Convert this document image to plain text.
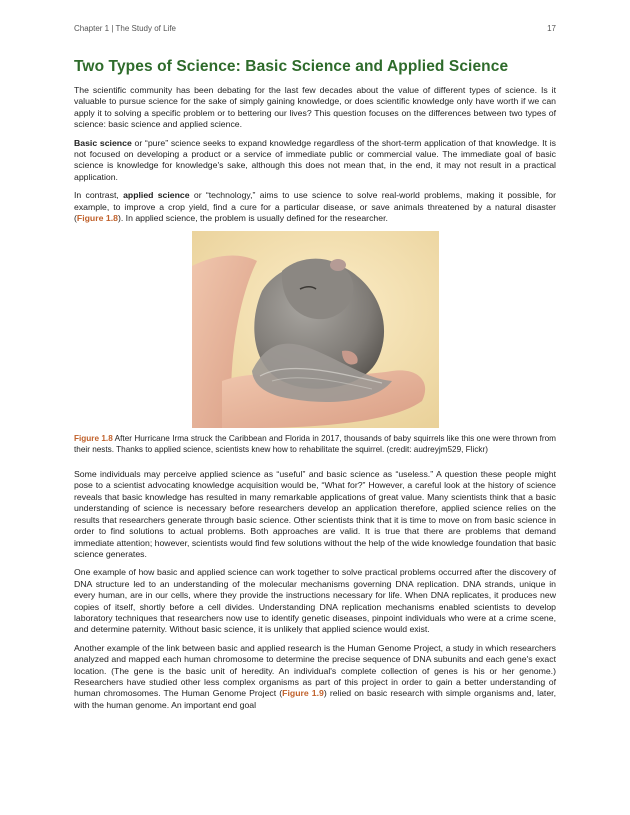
Chapter 1 | The Study of Life	17
Two Types of Science: Basic Science and Applied Science

The scientific community has been debating for the last few decades about the value of different types of science. Is it valuable to pursue science for the sake of simply gaining knowledge, or does scientific knowledge only have worth if we can apply it to solving a specific problem or to bettering our lives? This question focuses on the differences between two types of science: basic science and applied science.

Basic science or “pure” science seeks to expand knowledge regardless of the short-term application of that knowledge. It is not focused on developing a product or a service of immediate public or commercial value. The immediate goal of basic science is knowledge for knowledge's sake, although this does not mean that, in the end, it may not result in a practical application.

In contrast, applied science or “technology,” aims to use science to solve real-world problems, making it possible, for example, to improve a crop yield, find a cure for a particular disease, or save animals threatened by a natural disaster (Figure 1.8). In applied science, the problem is usually defined for the researcher.

Figure 1.8 After Hurricane Irma struck the Caribbean and Florida in 2017, thousands of baby squirrels like this one were thrown from their nests. Thanks to applied science, scientists knew how to rehabilitate the squirrel. (credit: audreyjm529, Flickr)

Some individuals may perceive applied science as “useful” and basic science as “useless.” A question these people might pose to a scientist advocating knowledge acquisition would be, “What for?” However, a careful look at the history of science reveals that basic knowledge has resulted in many remarkable applications of great value. Many scientists think that a basic understanding of science is necessary before researchers develop an application therefore, applied science relies on the results that researchers generate through basic science. Other scientists think that it is time to move on from basic science in order to find solutions to actual problems. Both approaches are valid. It is true that there are problems that demand immediate attention; however, scientists would find few solutions without the help of the wide knowledge foundation that basic science generates.

One example of how basic and applied science can work together to solve practical problems occurred after the discovery of DNA structure led to an understanding of the molecular mechanisms governing DNA replication. DNA strands, unique in every human, are in our cells, where they provide the instructions necessary for life. When DNA replicates, it produces new copies of itself, shortly before a cell divides. Understanding DNA replication mechanisms enabled scientists to develop laboratory techniques that researchers now use to identify genetic diseases, pinpoint individuals who were at a crime scene, and determine paternity. Without basic science, it is unlikely that applied science would exist.

Another example of the link between basic and applied research is the Human Genome Project, a study in which researchers analyzed and mapped each human chromosome to determine the precise sequence of DNA subunits and each gene's exact location. (The gene is the basic unit of heredity. An individual's complete collection of genes is his or her genome.) Researchers have studied other less complex organisms as part of this project in order to gain a better understanding of human chromosomes. The Human Genome Project (Figure 1.9) relied on basic research with simple organisms and, later, with the human genome. An important end goal
